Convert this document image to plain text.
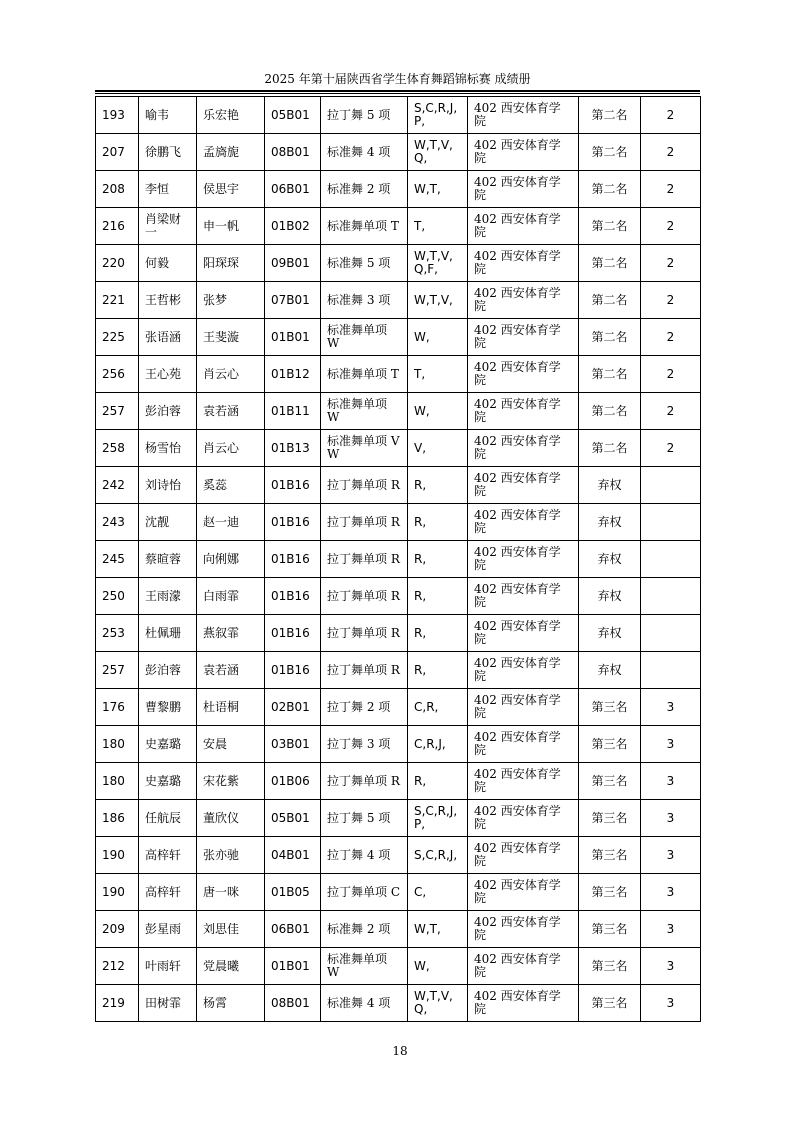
2025 年第十届陕西省学生体育舞蹈锦标赛 成绩册
193	喻韦	乐宏艳	05B01	拉丁舞 5 项	S,C,R,J,P,	402 西安体育学院	第二名	2
207	徐鹏飞	孟旖旎	08B01	标准舞 4 项	W,T,V,Q,	402 西安体育学院	第二名	2
208	李恒	侯思宇	06B01	标准舞 2 项	W,T,	402 西安体育学院	第二名	2
216	肖梁财一	申一帆	01B02	标准舞单项 T	T,	402 西安体育学院	第二名	2
220	何毅	阳琛琛	09B01	标准舞 5 项	W,T,V,Q,F,	402 西安体育学院	第二名	2
221	王哲彬	张梦	07B01	标准舞 3 项	W,T,V,	402 西安体育学院	第二名	2
225	张语涵	王斐漩	01B01	标准舞单项 W	W,	402 西安体育学院	第二名	2
256	王心苑	肖云心	01B12	标准舞单项 T	T,	402 西安体育学院	第二名	2
257	彭泊蓉	袁若涵	01B11	标准舞单项 W	W,	402 西安体育学院	第二名	2
258	杨雪怡	肖云心	01B13	标准舞单项 VW	V,	402 西安体育学院	第二名	2
242	刘诗怡	奚蕊	01B16	拉丁舞单项 R	R,	402 西安体育学院	弃权	
243	沈靓	赵一迪	01B16	拉丁舞单项 R	R,	402 西安体育学院	弃权	
245	蔡暄蓉	向俐娜	01B16	拉丁舞单项 R	R,	402 西安体育学院	弃权	
250	王雨濛	白雨霏	01B16	拉丁舞单项 R	R,	402 西安体育学院	弃权	
253	杜佩珊	燕叙霏	01B16	拉丁舞单项 R	R,	402 西安体育学院	弃权	
257	彭泊蓉	袁若涵	01B16	拉丁舞单项 R	R,	402 西安体育学院	弃权	
176	曹黎鹏	杜语桐	02B01	拉丁舞 2 项	C,R,	402 西安体育学院	第三名	3
180	史嘉璐	安晨	03B01	拉丁舞 3 项	C,R,J,	402 西安体育学院	第三名	3
180	史嘉璐	宋花紫	01B06	拉丁舞单项 R	R,	402 西安体育学院	第三名	3
186	任航辰	董欣仪	05B01	拉丁舞 5 项	S,C,R,J,P,	402 西安体育学院	第三名	3
190	高梓轩	张亦驰	04B01	拉丁舞 4 项	S,C,R,J,	402 西安体育学院	第三名	3
190	高梓轩	唐一咪	01B05	拉丁舞单项 C	C,	402 西安体育学院	第三名	3
209	彭星雨	刘思佳	06B01	标准舞 2 项	W,T,	402 西安体育学院	第三名	3
212	叶雨轩	党晨曦	01B01	标准舞单项 W	W,	402 西安体育学院	第三名	3
219	田树霏	杨霄	08B01	标准舞 4 项	W,T,V,Q,	402 西安体育学院	第三名	3
18
